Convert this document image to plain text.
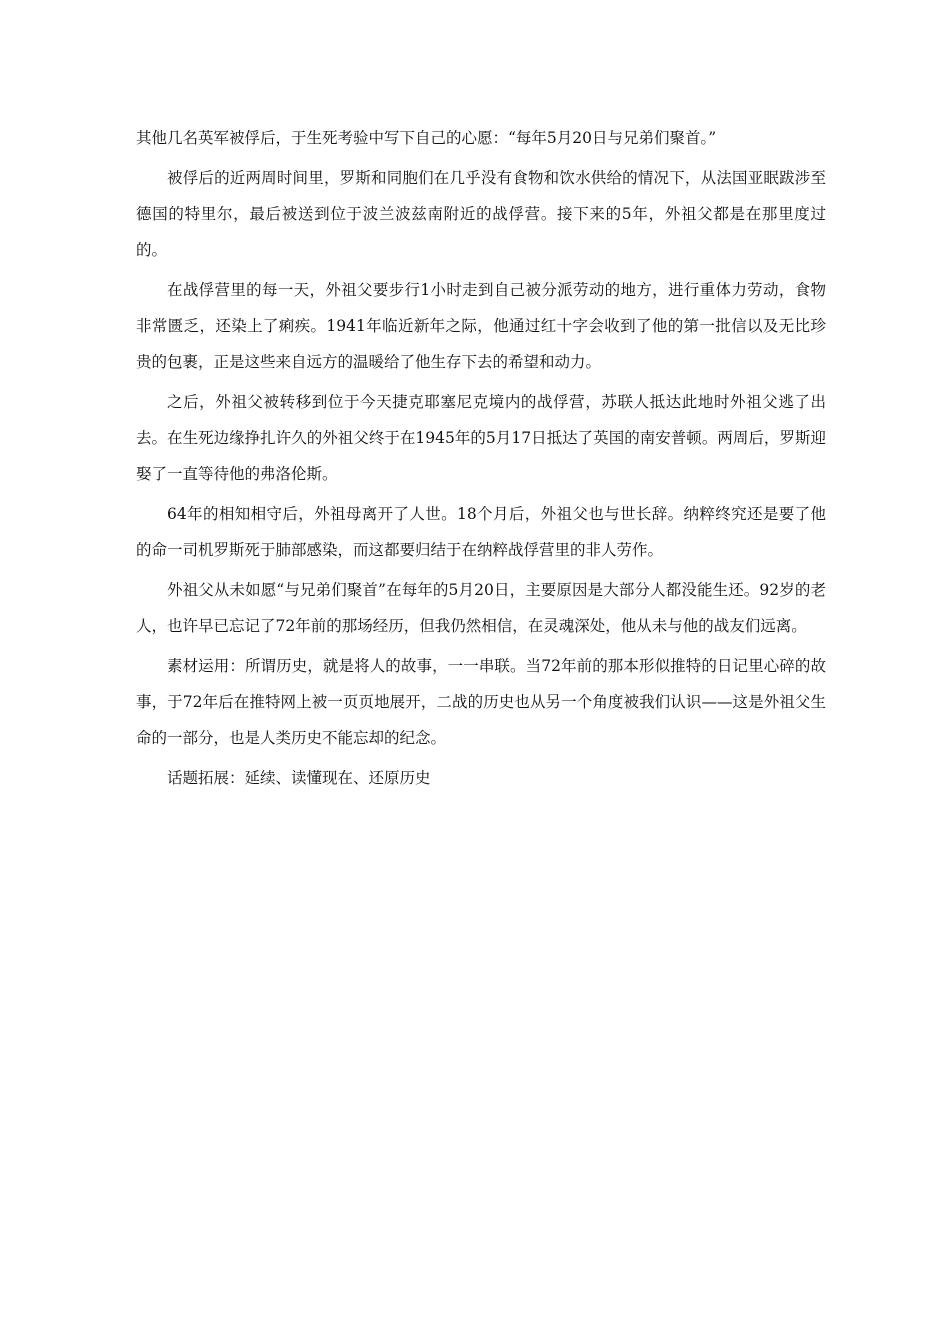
其他几名英军被俘后，于生死考验中写下自己的心愿：“每年5月20日与兄弟们聚首。”

被俘后的近两周时间里，罗斯和同胞们在几乎没有食物和饮水供给的情况下，从法国亚眠跋涉至德国的特里尔，最后被送到位于波兰波兹南附近的战俘营。接下来的5年，外祖父都是在那里度过的。

在战俘营里的每一天，外祖父要步行1小时走到自己被分派劳动的地方，进行重体力劳动，食物非常匮乏，还染上了痢疾。1941年临近新年之际，他通过红十字会收到了他的第一批信以及无比珍贵的包裹，正是这些来自远方的温暖给了他生存下去的希望和动力。

之后，外祖父被转移到位于今天捷克耶塞尼克境内的战俘营，苏联人抵达此地时外祖父逃了出去。在生死边缘挣扎许久的外祖父终于在1945年的5月17日抵达了英国的南安普顿。两周后，罗斯迎娶了一直等待他的弗洛伦斯。

64年的相知相守后，外祖母离开了人世。18个月后，外祖父也与世长辞。纳粹终究还是要了他的命一司机罗斯死于肺部感染，而这都要归结于在纳粹战俘营里的非人劳作。

外祖父从未如愿“与兄弟们聚首”在每年的5月20日，主要原因是大部分人都没能生还。92岁的老人，也许早已忘记了72年前的那场经历，但我仍然相信，在灵魂深处，他从未与他的战友们远离。

素材运用：所谓历史，就是将人的故事，一一串联。当72年前的那本形似推特的日记里心碎的故事，于72年后在推特网上被一页页地展开，二战的历史也从另一个角度被我们认识——这是外祖父生命的一部分，也是人类历史不能忘却的纪念。

话题拓展：延续、读懂现在、还原历史
